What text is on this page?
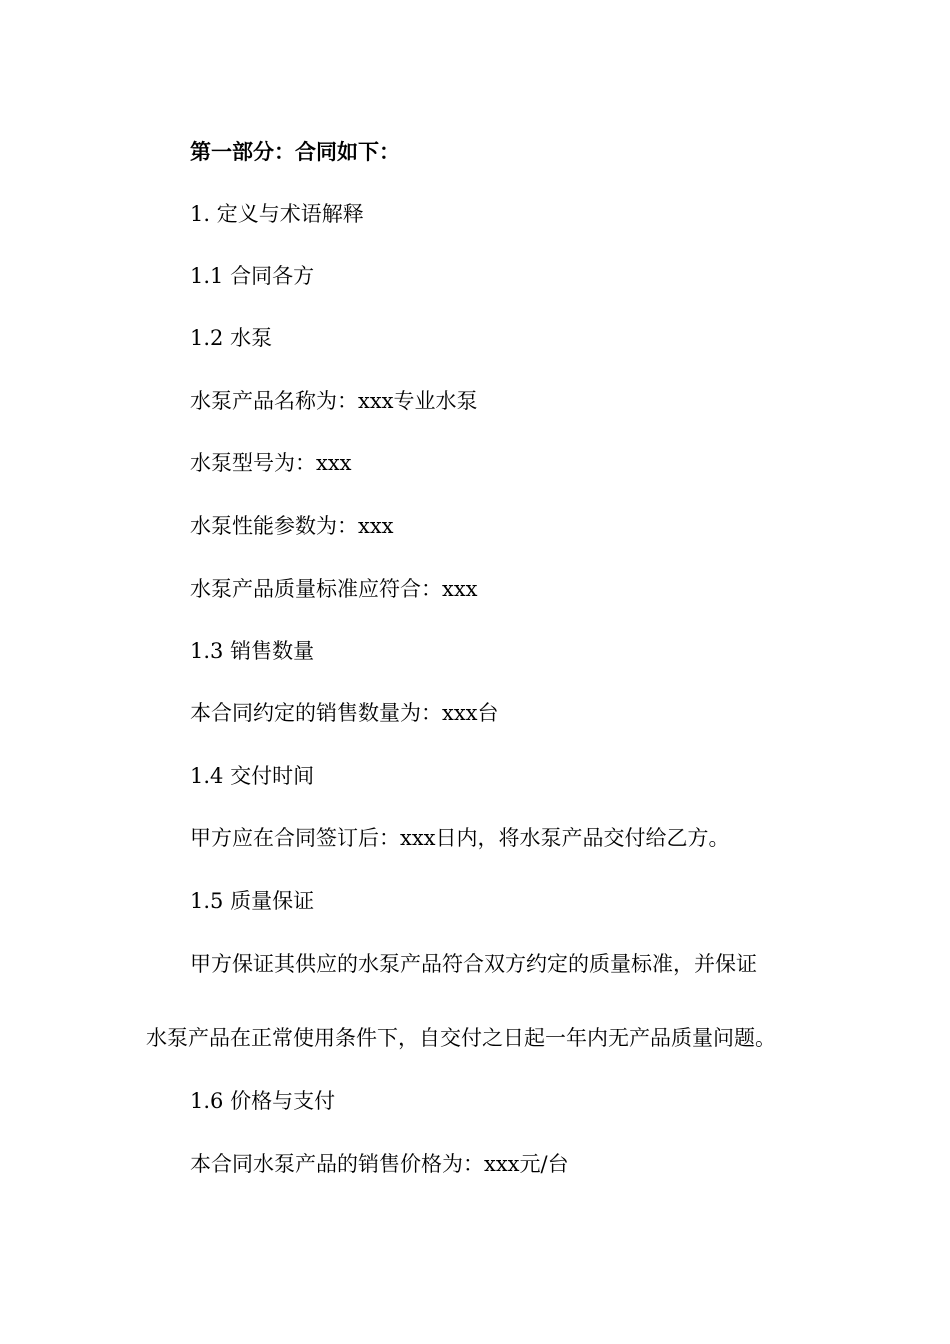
第一部分：合同如下：
1. 定义与术语解释
1.1 合同各方
1.2 水泵
水泵产品名称为：xxx专业水泵
水泵型号为：xxx
水泵性能参数为：xxx
水泵产品质量标准应符合：xxx
1.3 销售数量
本合同约定的销售数量为：xxx台
1.4 交付时间
甲方应在合同签订后：xxx日内，将水泵产品交付给乙方。
1.5 质量保证
甲方保证其供应的水泵产品符合双方约定的质量标准，并保证
水泵产品在正常使用条件下，自交付之日起一年内无产品质量问题。
1.6 价格与支付
本合同水泵产品的销售价格为：xxx元/台
